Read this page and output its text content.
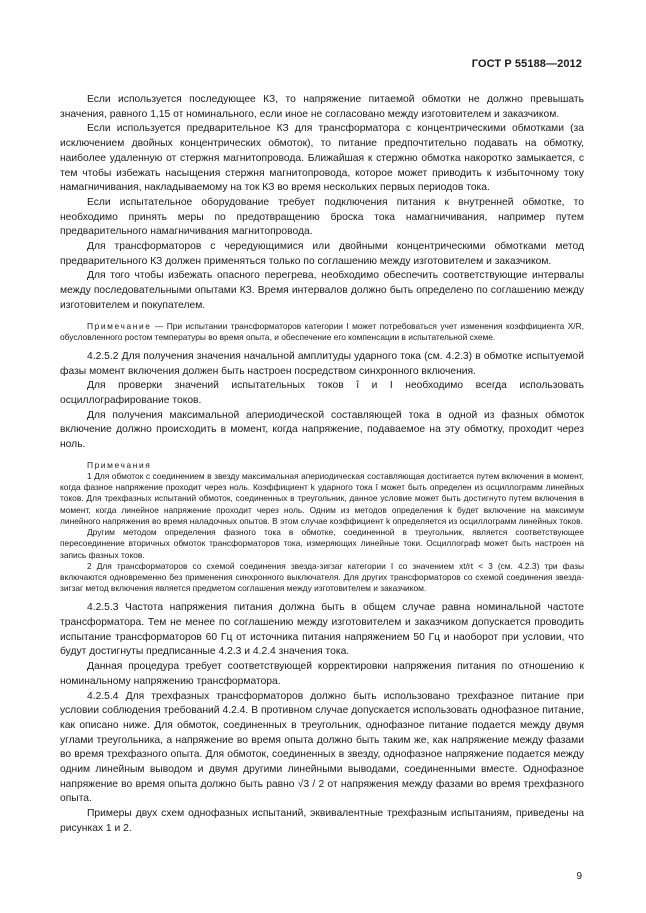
ГОСТ Р 55188—2012

Если используется последующее КЗ, то напряжение питаемой обмотки не должно превышать значения, равного 1,15 от номинального, если иное не согласовано между изготовителем и заказчиком.

Если используется предварительное КЗ для трансформатора с концентрическими обмотками (за исключением двойных концентрических обмоток), то питание предпочтительно подавать на обмотку, наиболее удаленную от стержня магнитопровода. Ближайшая к стержню обмотка накоротко замыкается, с тем чтобы избежать насыщения стержня магнитопровода, которое может приводить к избыточному току намагничивания, накладываемому на ток КЗ во время нескольких первых периодов тока.

Если испытательное оборудование требует подключения питания к внутренней обмотке, то необходимо принять меры по предотвращению броска тока намагничивания, например путем предварительного намагничивания магнитопровода.

Для трансформаторов с чередующимися или двойными концентрическими обмотками метод предварительного КЗ должен применяться только по соглашению между изготовителем и заказчиком.

Для того чтобы избежать опасного перегрева, необходимо обеспечить соответствующие интервалы между последовательными опытами КЗ. Время интервалов должно быть определено по соглашению между изготовителем и покупателем.

Примечание — При испытании трансформаторов категории I может потребоваться учет изменения коэффициента X/R, обусловленного ростом температуры во время опыта, и обеспечение его компенсации в испытательной схеме.

4.2.5.2 Для получения значения начальной амплитуды ударного тока (см. 4.2.3) в обмотке испытуемой фазы момент включения должен быть настроен посредством синхронного включения.

Для проверки значений испытательных токов î и I необходимо всегда использовать осциллографирование токов.

Для получения максимальной апериодической составляющей тока в одной из фазных обмоток включение должно происходить в момент, когда напряжение, подаваемое на эту обмотку, проходит через ноль.

Примечания

1 Для обмоток с соединением в звезду максимальная апериодическая составляющая достигается путем включения в момент, когда фазное напряжение проходит через ноль. Коэффициент k ударного тока î может быть определен из осциллограмм линейных токов. Для трехфазных испытаний обмоток, соединенных в треугольник, данное условие может быть достигнуто путем включения в момент, когда линейное напряжение проходит через ноль. Одним из методов определения k будет включение на максимум линейного напряжения во время наладочных опытов. В этом случае коэффициент k определяется из осциллограмм линейных токов.

Другим методом определения фазного тока в обмотке, соединенной в треугольник, является соответствующее пересоединение вторичных обмоток трансформаторов тока, измеряющих линейные токи. Осциллограф может быть настроен на запись фазных токов.

2 Для трансформаторов со схемой соединения звезда-зигзаг категории I со значением xt/rt < 3 (см. 4.2.3) три фазы включаются одновременно без применения синхронного выключателя. Для других трансформаторов со схемой соединения звезда-зигзаг метод включения является предметом соглашения между изготовителем и заказчиком.

4.2.5.3 Частота напряжения питания должна быть в общем случае равна номинальной частоте трансформатора. Тем не менее по соглашению между изготовителем и заказчиком допускается проводить испытание трансформаторов 60 Гц от источника питания напряжением 50 Гц и наоборот при условии, что будут достигнуты предписанные 4.2.3 и 4.2.4 значения тока.

Данная процедура требует соответствующей корректировки напряжения питания по отношению к номинальному напряжению трансформатора.

4.2.5.4 Для трехфазных трансформаторов должно быть использовано трехфазное питание при условии соблюдения требований 4.2.4. В противном случае допускается использовать однофазное питание, как описано ниже. Для обмоток, соединенных в треугольник, однофазное питание подается между двумя углами треугольника, а напряжение во время опыта должно быть таким же, как напряжение между фазами во время трехфазного опыта. Для обмоток, соединенных в звезду, однофазное напряжение подается между одним линейным выводом и двумя другими линейными выводами, соединенными вместе. Однофазное напряжение во время опыта должно быть равно √3 / 2 от напряжения между фазами во время трехфазного опыта.

Примеры двух схем однофазных испытаний, эквивалентные трехфазным испытаниям, приведены на рисунках 1 и 2.

9
